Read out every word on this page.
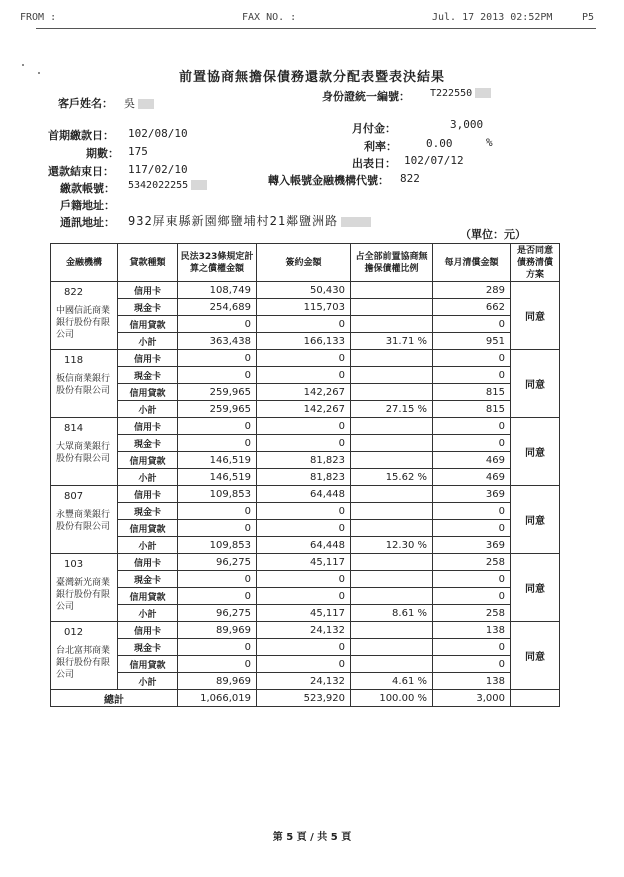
FROM :	FAX NO. :	Jul. 17 2013 02:52PM	P5
前置協商無擔保債務還款分配表暨表決結果
客戶姓名： 吳
身份證統一編號： T222550
首期繳款日： 102/08/10
期數： 175
還款結束日： 117/02/10
繳款帳號： 5342022255
戶籍地址：
通訊地址： 932屏東縣新園鄉鹽埔村21鄰鹽洲路
月付金：	3,000
利率：	0.00	%
出表日： 102/07/12
轉入帳號金融機構代號： 822
（單位：元）
金融機構	貸款種類	民法323條規定計算之償權金額	簽約金額	占全部前置協商無擔保債權比例	每月清償金額	是否同意債務清償方案

822
中國信託商業銀行股份有限公司	信用卡	108,749	50,430		289	同意
	現金卡	254,689	115,703		662	
	信用貸款	0	0		0	
	小計	363,438	166,133	31.71 %	951	

118
板信商業銀行股份有限公司	信用卡	0	0		0	同意
	現金卡	0	0		0	
	信用貸款	259,965	142,267		815	
	小計	259,965	142,267	27.15 %	815	

814
大眾商業銀行股份有限公司	信用卡	0	0		0	同意
	現金卡	0	0		0	
	信用貸款	146,519	81,823		469	
	小計	146,519	81,823	15.62 %	469	

807
永豐商業銀行股份有限公司	信用卡	109,853	64,448		369	同意
	現金卡	0	0		0	
	信用貸款	0	0		0	
	小計	109,853	64,448	12.30 %	369	

103
臺灣新光商業銀行股份有限公司	信用卡	96,275	45,117		258	同意
	現金卡	0	0		0	
	信用貸款	0	0		0	
	小計	96,275	45,117	8.61 %	258	

012
台北富邦商業銀行股份有限公司	信用卡	89,969	24,132		138	同意
	現金卡	0	0		0	
	信用貸款	0	0		0	
	小計	89,969	24,132	4.61 %	138	
總計		1,066,019	523,920	100.00 %	3,000	
第 5 頁 / 共 5 頁
